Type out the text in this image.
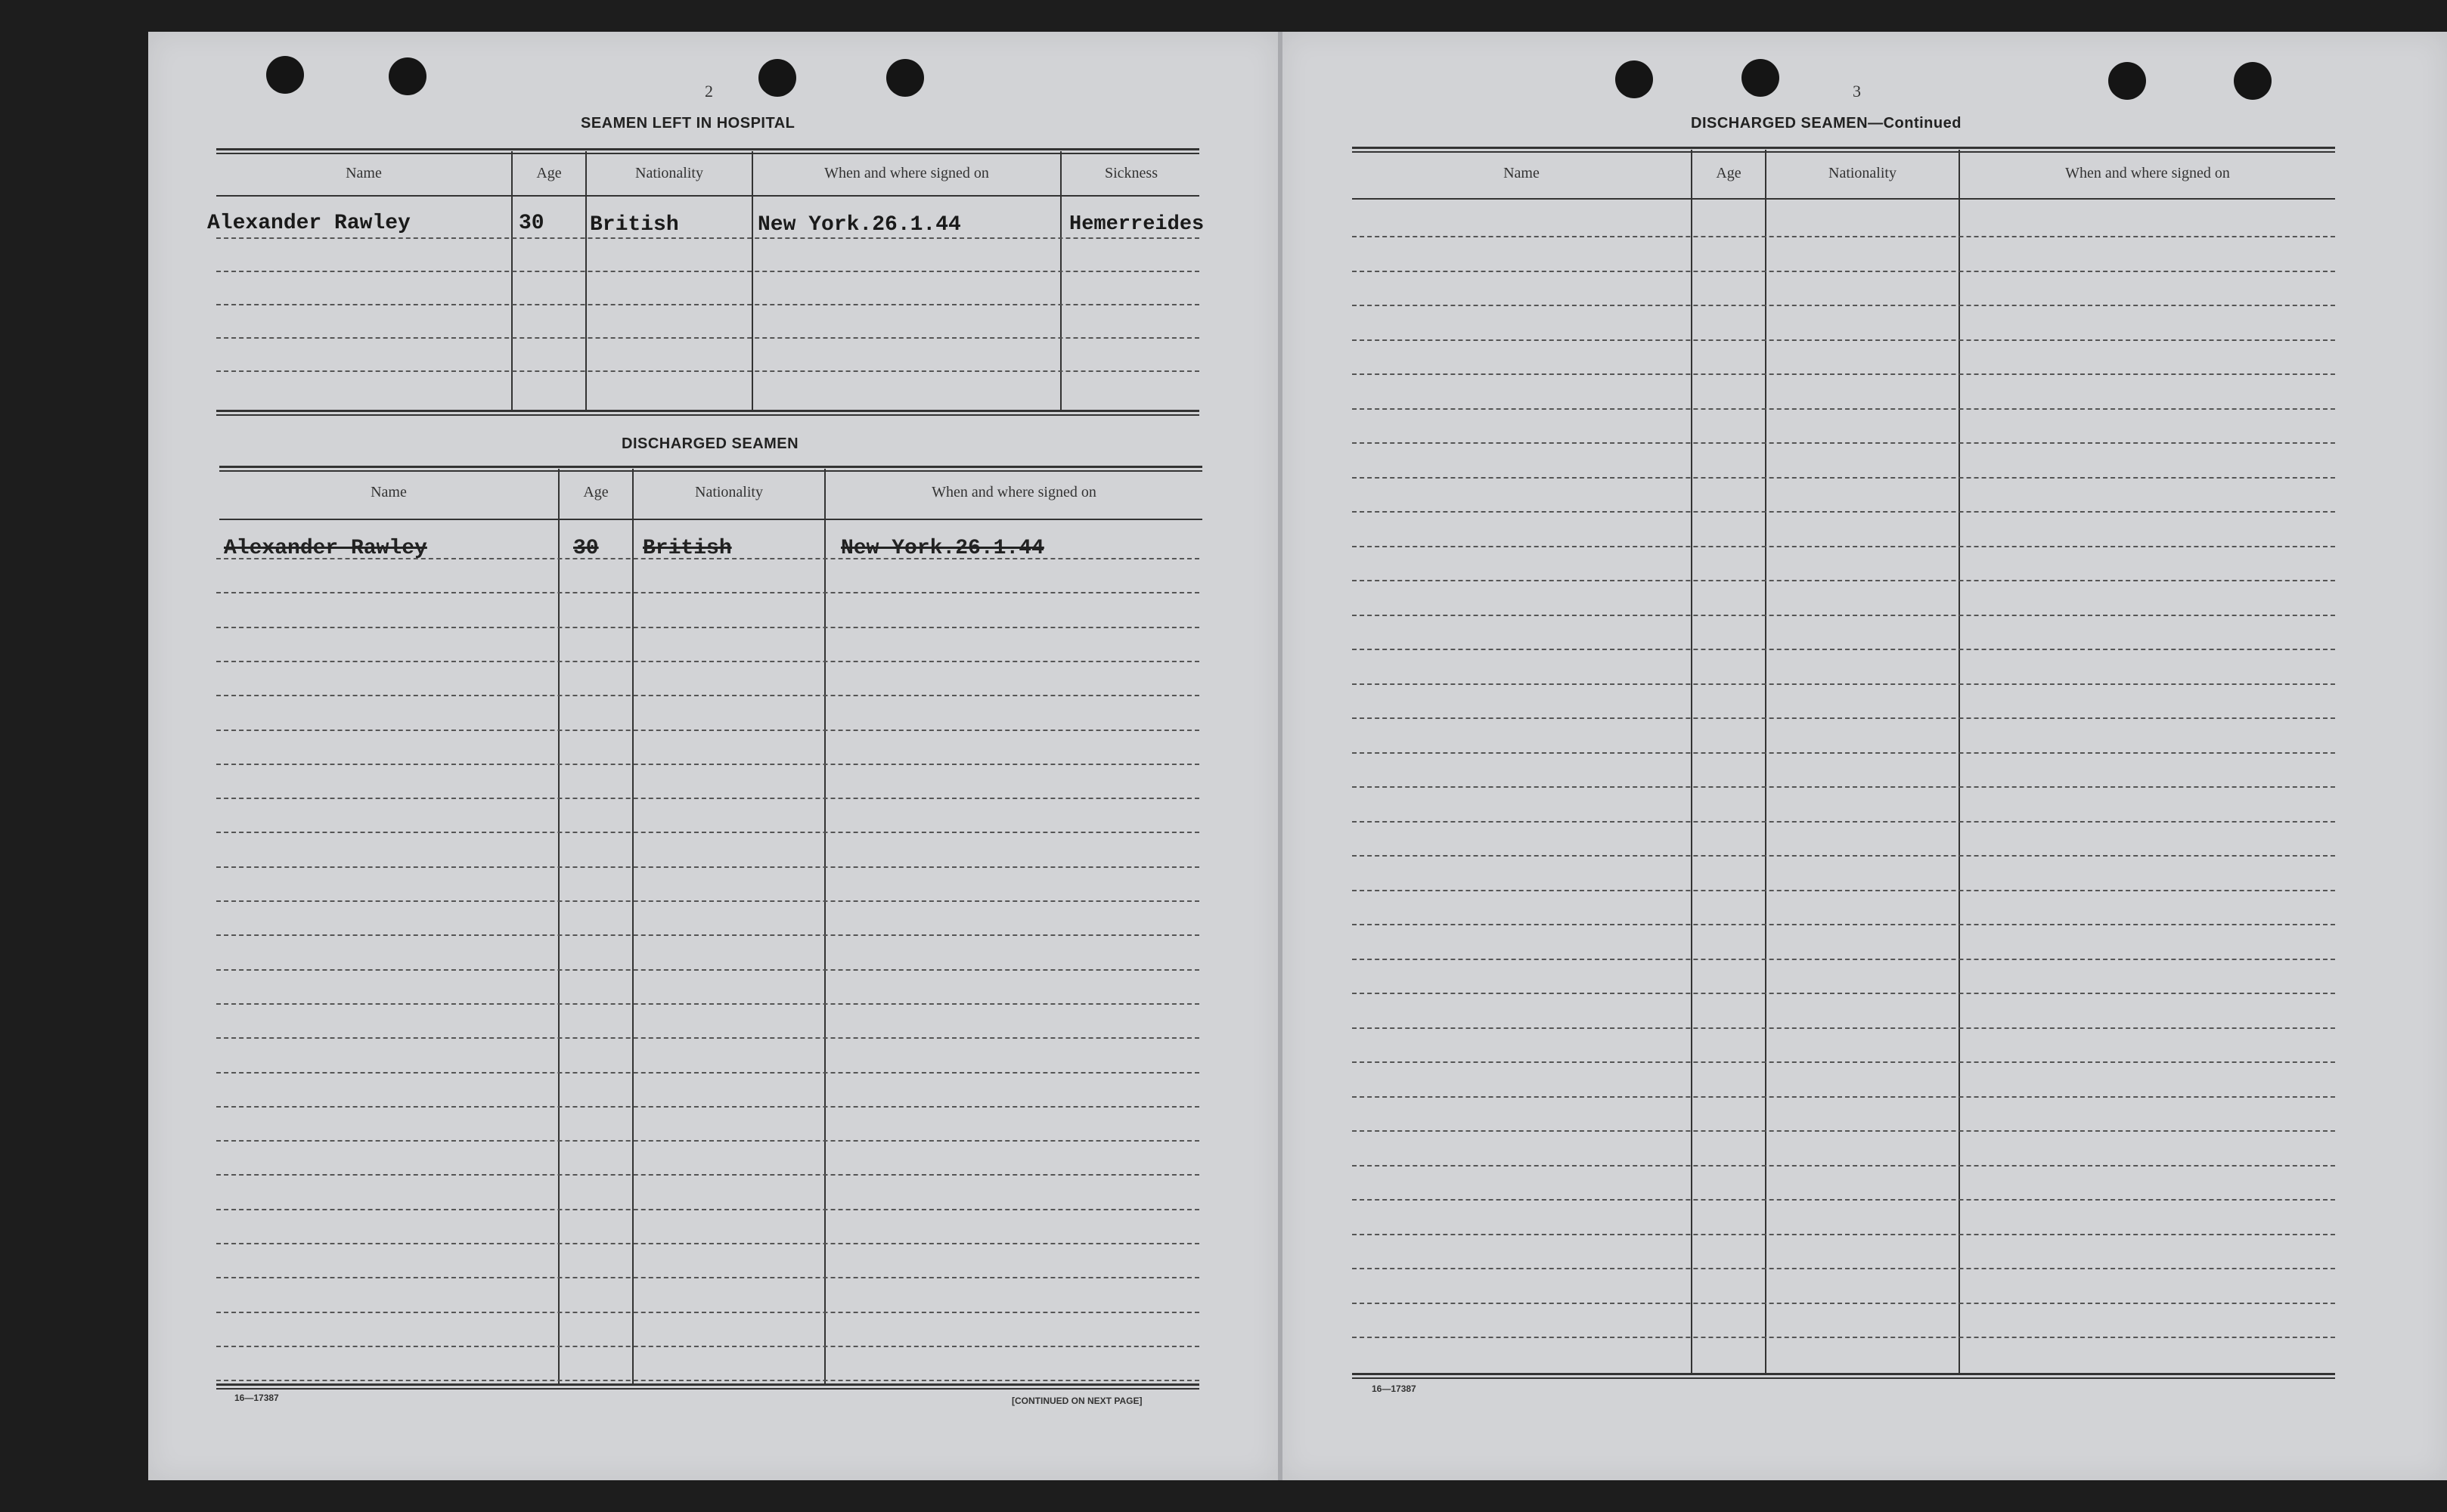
2
SEAMEN LEFT IN HOSPITAL
Name	Age	Nationality	When and where signed on	Sickness
Alexander Rawley	30 British	New York.26.1.44	Hemerreides
DISCHARGED SEAMEN
Name	Age	Nationality	When and where signed on
Alexander Rawley	30 British	New York.26.1.44
16—17387	[CONTINUED ON NEXT PAGE]
3
DISCHARGED SEAMEN—Continued
Name	Age	Nationality	When and where signed on
16—17387
